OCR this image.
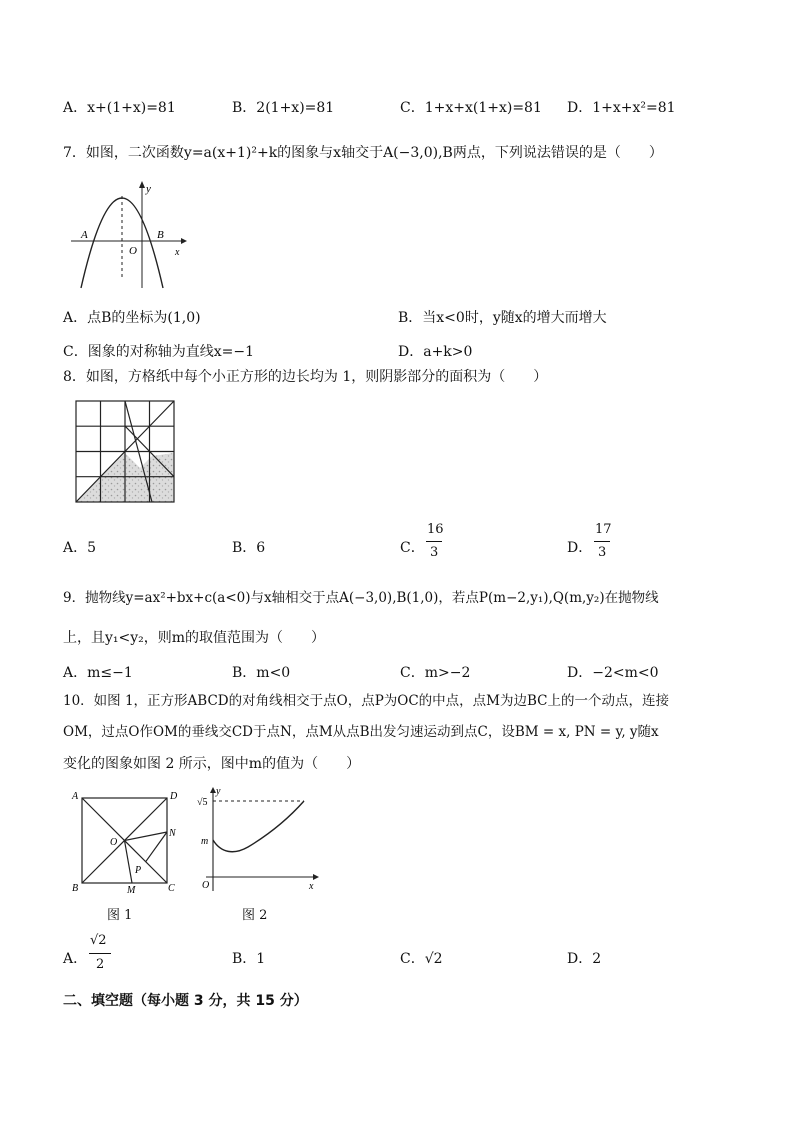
A．x+(1+x)=81	B．2(1+x)=81	C．1+x+x(1+x)=81 D．1+x+x²=81
7．如图，二次函数y=a(x+1)²+k的图象与x轴交于A(−3,0),B两点，下列说法错误的是（　　）
y
x
O
A	B
A．点B的坐标为(1,0)	B．当x<0时，y随x的增大而增大
C．图象的对称轴为直线x=−1	D．a+k>0
8．如图，方格纸中每个小正方形的边长均为 1，则阴影部分的面积为（　　）
A．5	B．6	C．
16
3	D．
17
3
9．抛物线y=ax²+bx+c(a<0)与x轴相交于点A(−3,0),B(1,0)，若点P(m−2,y₁),Q(m,y₂)在抛物线
上，且y₁<y₂，则m的取值范围为（　　）
A．m≤−1	B．m<0	C．m>−2	D．−2<m<0
10．如图 1，正方形ABCD的对角线相交于点O，点P为OC的中点，点M为边BC上的一个动点，连接
OM，过点O作OM的垂线交CD于点N，点M从点B出发匀速运动到点C，设BM = x, PN = y, y随x
变化的图象如图 2 所示，图中m的值为（　　）
A	D
B	C
O
N
P
M
图 1
y
x
O
√5
m
图 2
A．
√2
2	B．1	C．√2	D．2
二、填空题（每小题 3 分，共 15 分）
